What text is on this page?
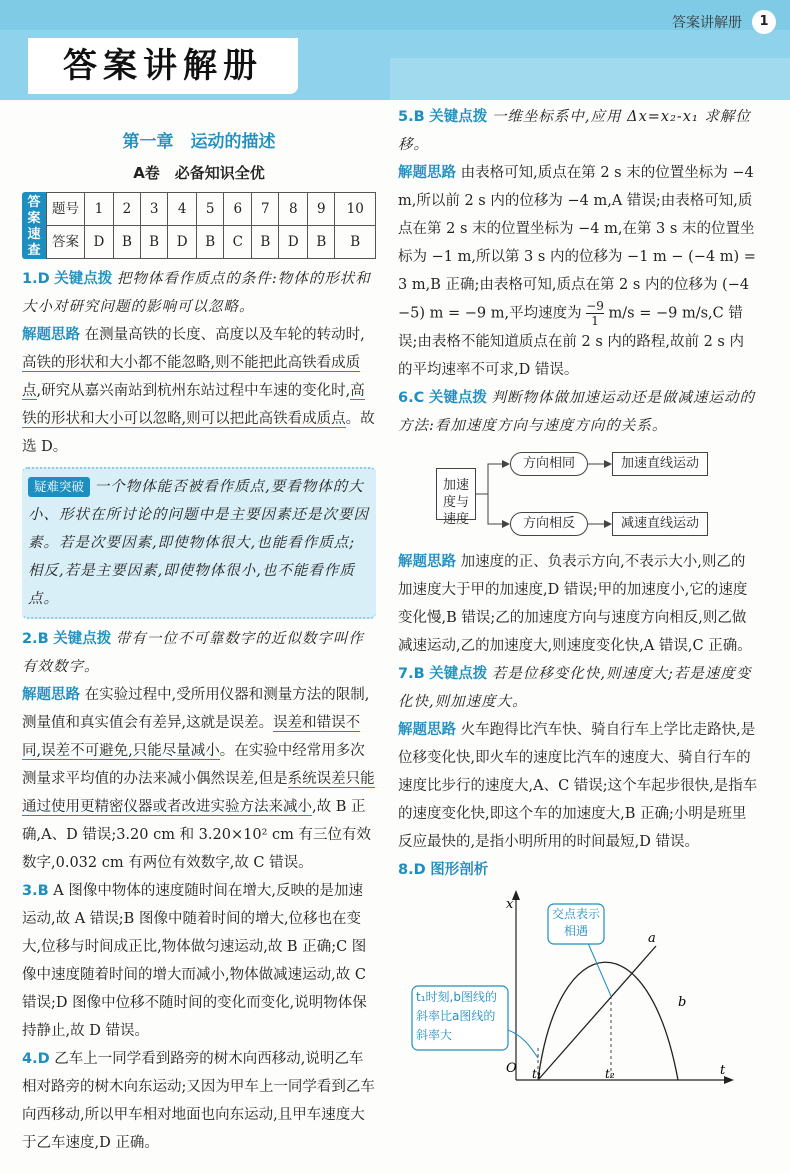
答案讲解册	1
答案讲解册
第一章　运动的描述
A卷　必备知识全优
答案速查
题号	1	2	3	4	5	6	7	8	9	10
答案	D	B	B	D	B	C	B	D	B	B
1.D 关键点拨 把物体看作质点的条件:物体的形状和大小对研究问题的影响可以忽略。
解题思路 在测量高铁的长度、高度以及车轮的转动时,高铁的形状和大小都不能忽略,则不能把此高铁看成质点,研究从嘉兴南站到杭州东站过程中车速的变化时,高铁的形状和大小可以忽略,则可以把此高铁看成质点。故选 D。
疑难突破 一个物体能否被看作质点,要看物体的大小、形状在所讨论的问题中是主要因素还是次要因素。若是次要因素,即使物体很大,也能看作质点;相反,若是主要因素,即使物体很小,也不能看作质点。
2.B 关键点拨 带有一位不可靠数字的近似数字叫作有效数字。
解题思路 在实验过程中,受所用仪器和测量方法的限制,测量值和真实值会有差异,这就是误差。误差和错误不同,误差不可避免,只能尽量减小。在实验中经常用多次测量求平均值的办法来减小偶然误差,但是系统误差只能通过使用更精密仪器或者改进实验方法来减小,故 B 正确,A、D 错误;3.20 cm 和 3.20×10² cm 有三位有效数字,0.032 cm 有两位有效数字,故 C 错误。
3.B A 图像中物体的速度随时间在增大,反映的是加速运动,故 A 错误;B 图像中随着时间的增大,位移也在变大,位移与时间成正比,物体做匀速运动,故 B 正确;C 图像中速度随着时间的增大而减小,物体做减速运动,故 C 错误;D 图像中位移不随时间的变化而变化,说明物体保持静止,故 D 错误。
4.D 乙车上一同学看到路旁的树木向西移动,说明乙车相对路旁的树木向东运动;又因为甲车上一同学看到乙车向西移动,所以甲车相对地面也向东运动,且甲车速度大于乙车速度,D 正确。
5.B 关键点拨 一维坐标系中,应用 Δx=x₂-x₁ 求解位移。
解题思路 由表格可知,质点在第 2 s 末的位置坐标为 −4 m,所以前 2 s 内的位移为 −4 m,A 错误;由表格可知,质点在第 2 s 末的位置坐标为 −4 m,在第 3 s 末的位置坐标为 −1 m,所以第 3 s 内的位移为 −1 m − (−4 m) = 3 m,B 正确;由表格可知,质点在第 2 s 内的位移为 (−4 −5) m = −9 m,平均速度为 $\frac{-9}{1} m/s = -9$ m/s,C 错误;由表格不能知道质点在前 2 s 内的路程,故前 2 s 内的平均速率不可求,D 错误。
6.C 关键点拨 判断物体做加速运动还是做减速运动的方法:看加速度方向与速度方向的关系。
加速度与速度
方向相同
方向相反
加速直线运动
减速直线运动
解题思路 加速度的正、负表示方向,不表示大小,则乙的加速度大于甲的加速度,D 错误;甲的加速度小,它的速度变化慢,B 错误;乙的加速度方向与速度方向相反,则乙做减速运动,乙的加速度大,则速度变化快,A 错误,C 正确。
7.B 关键点拨 若是位移变化快,则速度大;若是速度变化快,则加速度大。
解题思路 火车跑得比汽车快、骑自行车上学比走路快,是位移变化快,即火车的速度比汽车的速度大、骑自行车的速度比步行的速度大,A、C 错误;这个车起步很快,是指车的速度变化快,即这个车的加速度大,B 正确;小明是班里反应最快的,是指小明所用的时间最短,D 错误。
8.D 图形剖析
O
x
t
t₁	t₂
a
b
交点表示相遇
t₁时刻,b图线的斜率比a图线的斜率大
